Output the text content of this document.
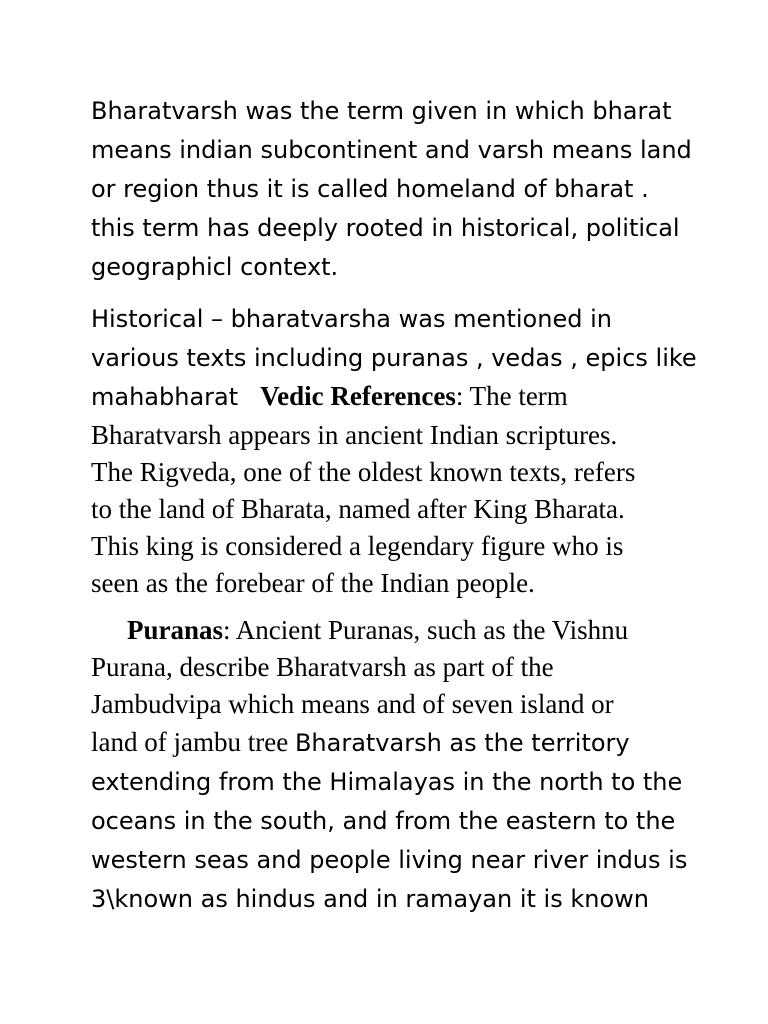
Bharatvarsh was the term given in which bharat
means indian subcontinent and varsh means land
or region thus it is called homeland of bharat .
this term has deeply rooted in historical, political
geographicl context.
Historical – bharatvarsha was mentioned in
various texts including puranas , vedas , epics like
mahabharat Vedic References: The term
Bharatvarsh appears in ancient Indian scriptures.
The Rigveda, one of the oldest known texts, refers
to the land of Bharata, named after King Bharata.
This king is considered a legendary figure who is
seen as the forebear of the Indian people.
Puranas: Ancient Puranas, such as the Vishnu
Purana, describe Bharatvarsh as part of the
Jambudvipa which means and of seven island or
land of jambu tree Bharatvarsh as the territory
extending from the Himalayas in the north to the
oceans in the south, and from the eastern to the
western seas and people living near river indus is
3\known as hindus and in ramayan it is known
